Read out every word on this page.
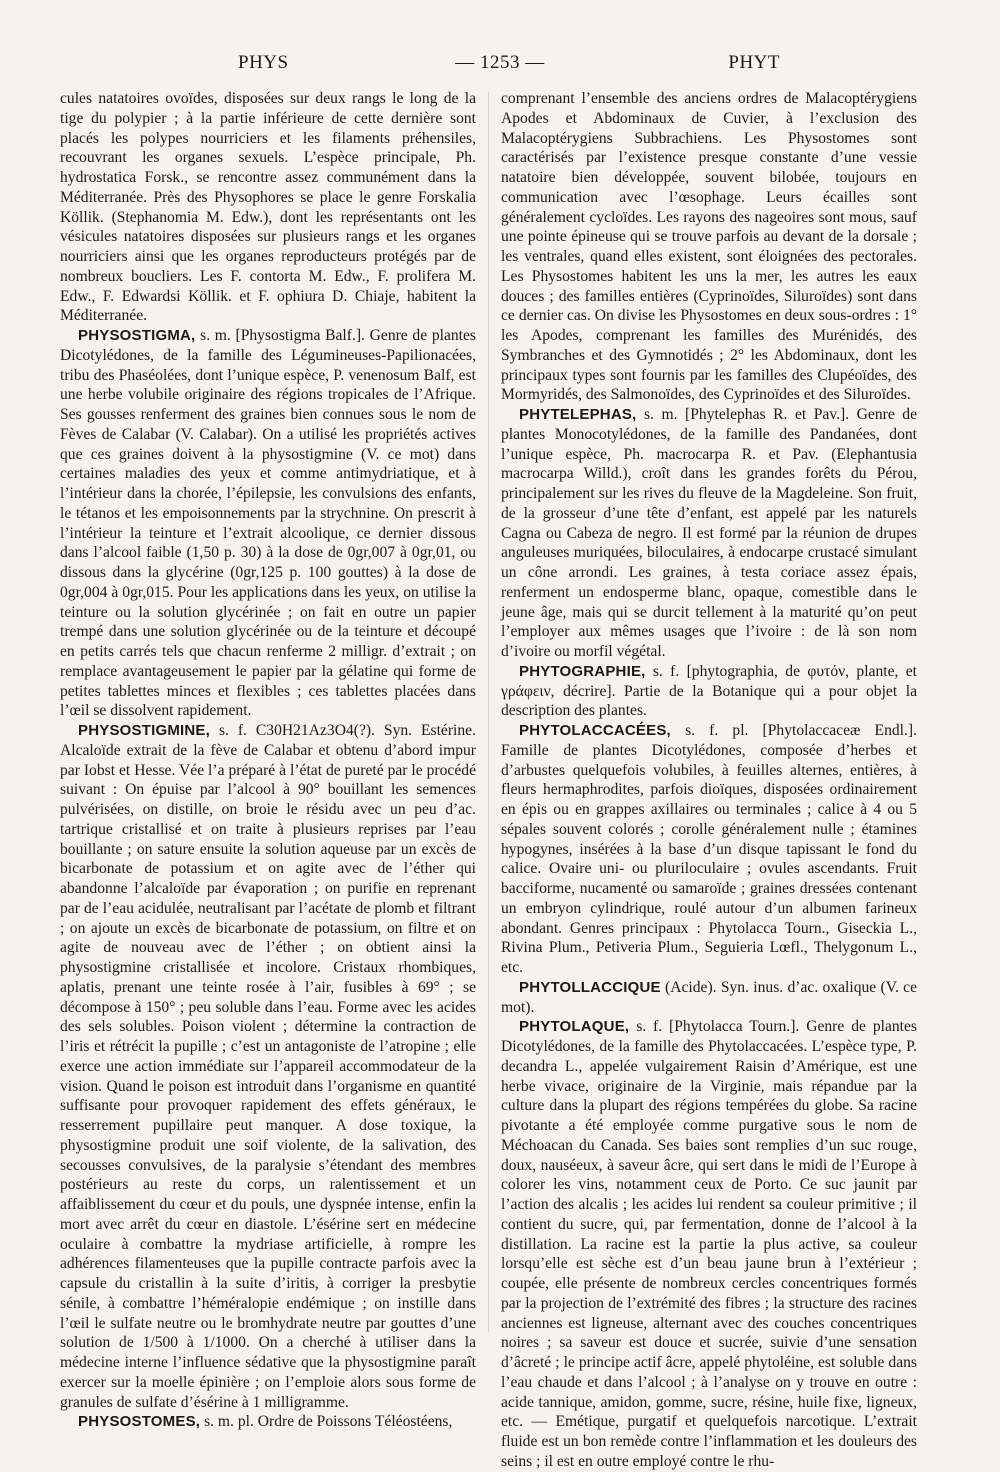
PHYS	— 1253 —	PHYT

cules natatoires ovoïdes, disposées sur deux rangs le long de la tige du polypier ; à la partie inférieure de cette dernière sont placés les polypes nourriciers et les filaments préhensiles, recouvrant les organes sexuels. L’espèce principale, Ph. hydrostatica Forsk., se rencontre assez communément dans la Méditerranée. Près des Physophores se place le genre Forskalia Köllik. (Stephanomia M. Edw.), dont les représentants ont les vésicules natatoires disposées sur plusieurs rangs et les organes nourriciers ainsi que les organes reproducteurs protégés par de nombreux boucliers. Les F. contorta M. Edw., F. prolifera M. Edw., F. Edwardsi Köllik. et F. ophiura D. Chiaje, habitent la Méditerranée.

PHYSOSTIGMA, s. m. [Physostigma Balf.]. Genre de plantes Dicotylédones, de la famille des Légumineuses-Papilionacées, tribu des Phaséolées, dont l’unique espèce, P. venenosum Balf, est une herbe volubile originaire des régions tropicales de l’Afrique. Ses gousses renferment des graines bien connues sous le nom de Fèves de Calabar (V. Calabar). On a utilisé les propriétés actives que ces graines doivent à la physostigmine (V. ce mot) dans certaines maladies des yeux et comme antimydriatique, et à l’intérieur dans la chorée, l’épilepsie, les convulsions des enfants, le tétanos et les empoisonnements par la strychnine. On prescrit à l’intérieur la teinture et l’extrait alcoolique, ce dernier dissous dans l’alcool faible (1,50 p. 30) à la dose de 0gr,007 à 0gr,01, ou dissous dans la glycérine (0gr,125 p. 100 gouttes) à la dose de 0gr,004 à 0gr,015. Pour les applications dans les yeux, on utilise la teinture ou la solution glycérinée ; on fait en outre un papier trempé dans une solution glycérinée ou de la teinture et découpé en petits carrés tels que chacun renferme 2 milligr. d’extrait ; on remplace avantageusement le papier par la gélatine qui forme de petites tablettes minces et flexibles ; ces tablettes placées dans l’œil se dissolvent rapidement.

PHYSOSTIGMINE, s. f. C30H21Az3O4(?). Syn. Estérine. Alcaloïde extrait de la fève de Calabar et obtenu d’abord impur par Iobst et Hesse. Vée l’a préparé à l’état de pureté par le procédé suivant : On épuise par l’alcool à 90° bouillant les semences pulvérisées, on distille, on broie le résidu avec un peu d’ac. tartrique cristallisé et on traite à plusieurs reprises par l’eau bouillante ; on sature ensuite la solution aqueuse par un excès de bicarbonate de potassium et on agite avec de l’éther qui abandonne l’alcaloïde par évaporation ; on purifie en reprenant par de l’eau acidulée, neutralisant par l’acétate de plomb et filtrant ; on ajoute un excès de bicarbonate de potassium, on filtre et on agite de nouveau avec de l’éther ; on obtient ainsi la physostigmine cristallisée et incolore. Cristaux rhombiques, aplatis, prenant une teinte rosée à l’air, fusibles à 69° ; se décompose à 150° ; peu soluble dans l’eau. Forme avec les acides des sels solubles. Poison violent ; détermine la contraction de l’iris et rétrécit la pupille ; c’est un antagoniste de l’atropine ; elle exerce une action immédiate sur l’appareil accommodateur de la vision. Quand le poison est introduit dans l’organisme en quantité suffisante pour provoquer rapidement des effets généraux, le resserrement pupillaire peut manquer. A dose toxique, la physostigmine produit une soif violente, de la salivation, des secousses convulsives, de la paralysie s’étendant des membres postérieurs au reste du corps, un ralentissement et un affaiblissement du cœur et du pouls, une dyspnée intense, enfin la mort avec arrêt du cœur en diastole. L’ésérine sert en médecine oculaire à combattre la mydriase artificielle, à rompre les adhérences filamenteuses que la pupille contracte parfois avec la capsule du cristallin à la suite d’iritis, à corriger la presbytie sénile, à combattre l’héméralopie endémique ; on instille dans l’œil le sulfate neutre ou le bromhydrate neutre par gouttes d’une solution de 1/500 à 1/1000. On a cherché à utiliser dans la médecine interne l’influence sédative que la physostigmine paraît exercer sur la moelle épinière ; on l’emploie alors sous forme de granules de sulfate d’ésérine à 1 milligramme.

PHYSOSTOMES, s. m. pl. Ordre de Poissons Téléostéens,

comprenant l’ensemble des anciens ordres de Malacoptérygiens Apodes et Abdominaux de Cuvier, à l’exclusion des Malacoptérygiens Subbrachiens. Les Physostomes sont caractérisés par l’existence presque constante d’une vessie natatoire bien développée, souvent bilobée, toujours en communication avec l’œsophage. Leurs écailles sont généralement cycloïdes. Les rayons des nageoires sont mous, sauf une pointe épineuse qui se trouve parfois au devant de la dorsale ; les ventrales, quand elles existent, sont éloignées des pectorales. Les Physostomes habitent les uns la mer, les autres les eaux douces ; des familles entières (Cyprinoïdes, Siluroïdes) sont dans ce dernier cas. On divise les Physostomes en deux sous-ordres : 1° les Apodes, comprenant les familles des Murénidés, des Symbranches et des Gymnotidés ; 2° les Abdominaux, dont les principaux types sont fournis par les familles des Clupéoïdes, des Mormyridés, des Salmonoïdes, des Cyprinoïdes et des Siluroïdes.

PHYTELEPHAS, s. m. [Phytelephas R. et Pav.]. Genre de plantes Monocotylédones, de la famille des Pandanées, dont l’unique espèce, Ph. macrocarpa R. et Pav. (Elephantusia macrocarpa Willd.), croît dans les grandes forêts du Pérou, principalement sur les rives du fleuve de la Magdeleine. Son fruit, de la grosseur d’une tête d’enfant, est appelé par les naturels Cagna ou Cabeza de negro. Il est formé par la réunion de drupes anguleuses muriquées, biloculaires, à endocarpe crustacé simulant un cône arrondi. Les graines, à testa coriace assez épais, renferment un endosperme blanc, opaque, comestible dans le jeune âge, mais qui se durcit tellement à la maturité qu’on peut l’employer aux mêmes usages que l’ivoire : de là son nom d’ivoire ou morfil végétal.

PHYTOGRAPHIE, s. f. [phytographia, de φυτόν, plante, et γράφειν, décrire]. Partie de la Botanique qui a pour objet la description des plantes.

PHYTOLACCACÉES, s. f. pl. [Phytolaccaceæ Endl.]. Famille de plantes Dicotylédones, composée d’herbes et d’arbustes quelquefois volubiles, à feuilles alternes, entières, à fleurs hermaphrodites, parfois dioïques, disposées ordinairement en épis ou en grappes axillaires ou terminales ; calice à 4 ou 5 sépales souvent colorés ; corolle généralement nulle ; étamines hypogynes, insérées à la base d’un disque tapissant le fond du calice. Ovaire uni- ou pluriloculaire ; ovules ascendants. Fruit bacciforme, nucamenté ou samaroïde ; graines dressées contenant un embryon cylindrique, roulé autour d’un albumen farineux abondant. Genres principaux : Phytolacca Tourn., Giseckia L., Rivina Plum., Petiveria Plum., Seguieria Lœfl., Thelygonum L., etc.

PHYTOLLACCIQUE (Acide). Syn. inus. d’ac. oxalique (V. ce mot).

PHYTOLAQUE, s. f. [Phytolacca Tourn.]. Genre de plantes Dicotylédones, de la famille des Phytolaccacées. L’espèce type, P. decandra L., appelée vulgairement Raisin d’Amérique, est une herbe vivace, originaire de la Virginie, mais répandue par la culture dans la plupart des régions tempérées du globe. Sa racine pivotante a été employée comme purgative sous le nom de Méchoacan du Canada. Ses baies sont remplies d’un suc rouge, doux, nauséeux, à saveur âcre, qui sert dans le midi de l’Europe à colorer les vins, notamment ceux de Porto. Ce suc jaunit par l’action des alcalis ; les acides lui rendent sa couleur primitive ; il contient du sucre, qui, par fermentation, donne de l’alcool à la distillation. La racine est la partie la plus active, sa couleur lorsqu’elle est sèche est d’un beau jaune brun à l’extérieur ; coupée, elle présente de nombreux cercles concentriques formés par la projection de l’extrémité des fibres ; la structure des racines anciennes est ligneuse, alternant avec des couches concentriques noires ; sa saveur est douce et sucrée, suivie d’une sensation d’âcreté ; le principe actif âcre, appelé phytoléine, est soluble dans l’eau chaude et dans l’alcool ; à l’analyse on y trouve en outre : acide tannique, amidon, gomme, sucre, résine, huile fixe, ligneux, etc. — Emétique, purgatif et quelquefois narcotique. L’extrait fluide est un bon remède contre l’inflammation et les douleurs des seins ; il est en outre employé contre le rhu-
